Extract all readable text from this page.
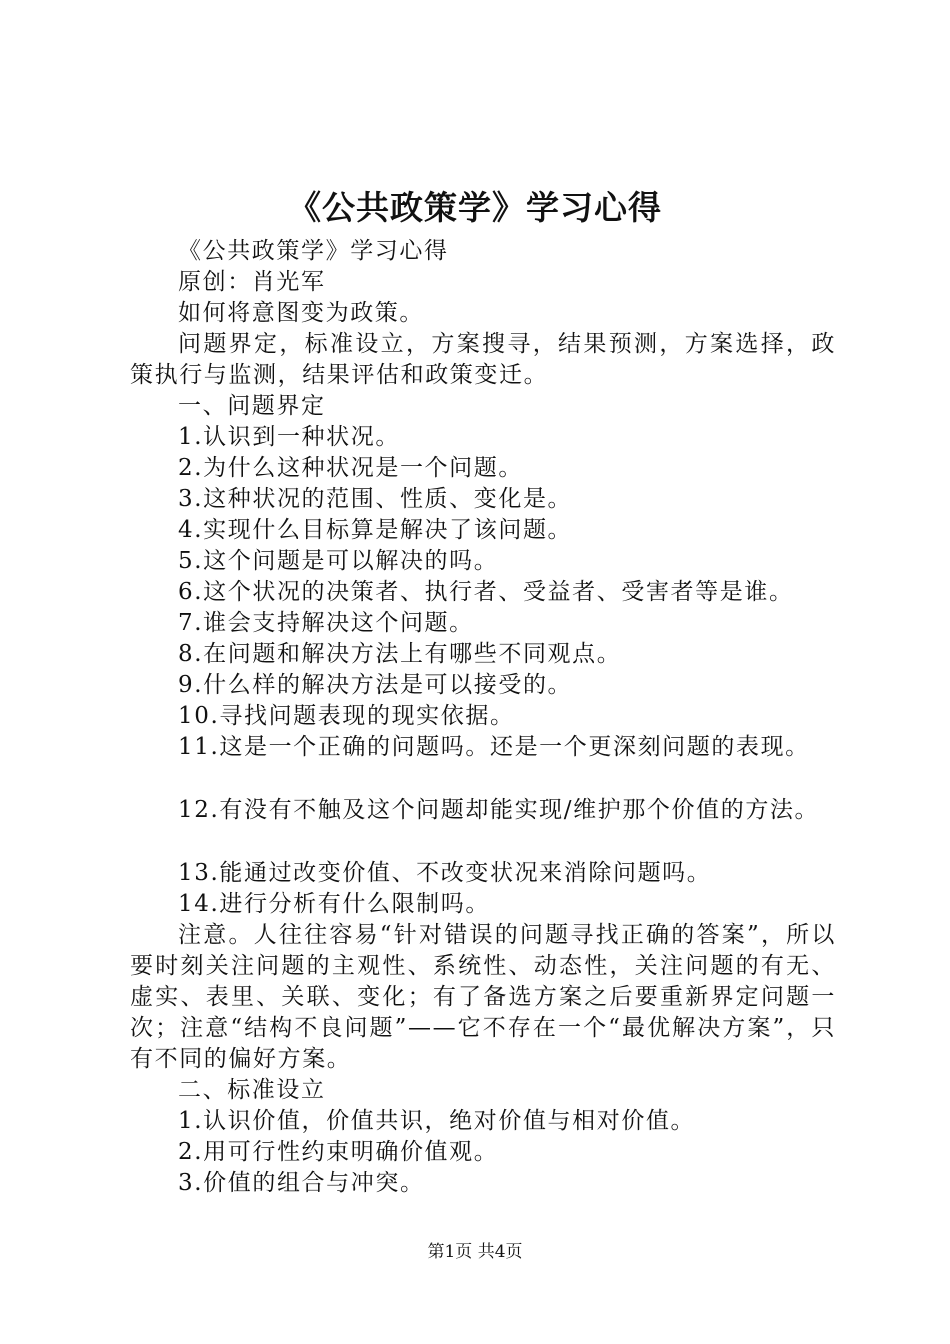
《公共政策学》学习心得

《公共政策学》学习心得

原创：肖光军

如何将意图变为政策。

问题界定，标准设立，方案搜寻，结果预测，方案选择，政策执行与监测，结果评估和政策变迁。

一、问题界定

1.认识到一种状况。

2.为什么这种状况是一个问题。

3.这种状况的范围、性质、变化是。

4.实现什么目标算是解决了该问题。

5.这个问题是可以解决的吗。

6.这个状况的决策者、执行者、受益者、受害者等是谁。

7.谁会支持解决这个问题。

8.在问题和解决方法上有哪些不同观点。

9.什么样的解决方法是可以接受的。

10.寻找问题表现的现实依据。

11.这是一个正确的问题吗。还是一个更深刻问题的表现。

12.有没有不触及这个问题却能实现/维护那个价值的方法。

13.能通过改变价值、不改变状况来消除问题吗。

14.进行分析有什么限制吗。

注意。人往往容易“针对错误的问题寻找正确的答案”，所以要时刻关注问题的主观性、系统性、动态性，关注问题的有无、虚实、表里、关联、变化；有了备选方案之后要重新界定问题一次；注意“结构不良问题”——它不存在一个“最优解决方案”，只有不同的偏好方案。

二、标准设立

1.认识价值，价值共识，绝对价值与相对价值。

2.用可行性约束明确价值观。

3.价值的组合与冲突。

第1页 共4页
